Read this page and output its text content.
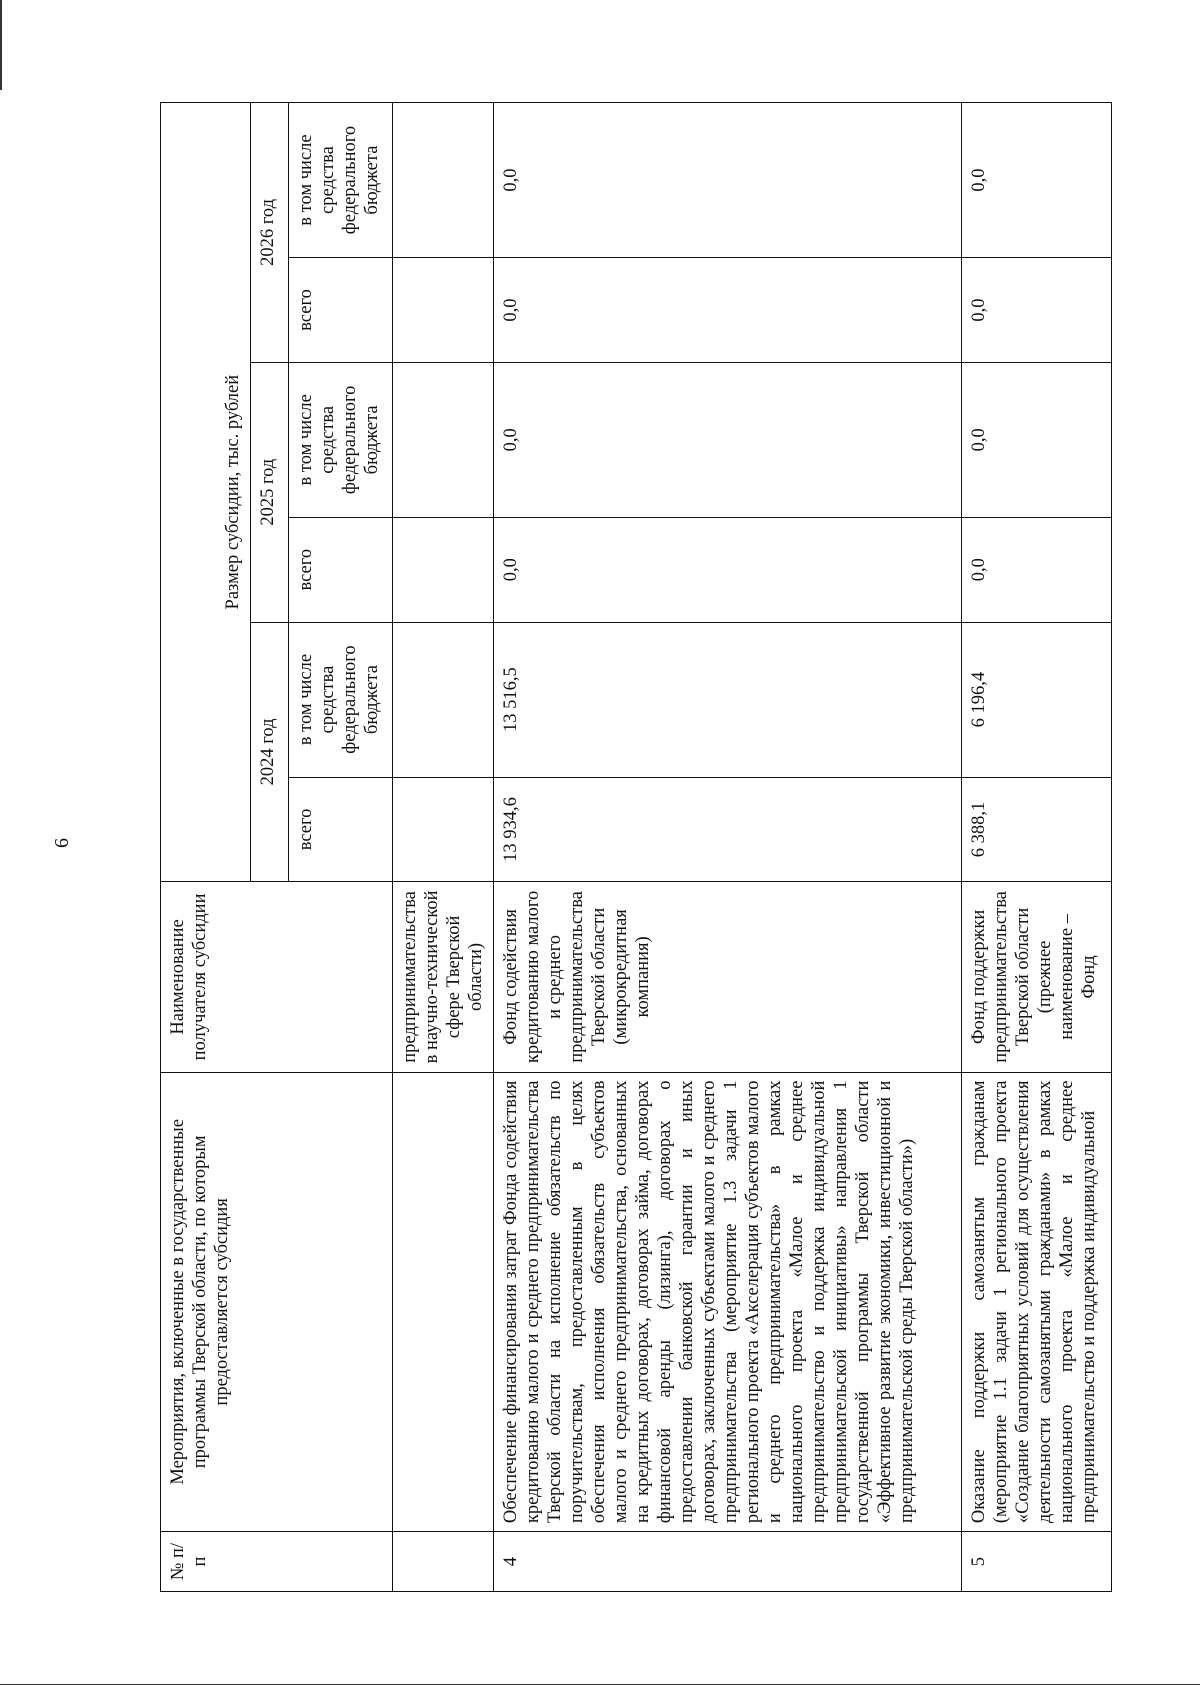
6
№ п/п	Мероприятия, включенные в государственные программы Тверской области, по которым предоставляется субсидия	Наименование получателя субсидии	Размер субсидии, тыс. рублей					
			2024 год		2025 год		2026 год	
			всего	в том числе средства федерального бюджета	всего	в том числе средства федерального бюджета	всего	в том числе средства федерального бюджета
		предпринимательства в научно-технической сфере Тверской области)						
4	Обеспечение финансирования затрат Фонда содействия кредитованию малого и среднего предпринимательства Тверской области на исполнение обязательств по поручительствам, предоставленным в целях обеспечения исполнения обязательств субъектов малого и среднего предпринимательства, основанных на кредитных договорах, договорах займа, договорах финансовой аренды (лизинга), договорах о предоставлении банковской гарантии и иных договорах, заключенных субъектами малого и среднего предпринимательства (мероприятие 1.3 задачи 1 регионального проекта «Акселерация субъектов малого и среднего предпринимательства» в рамках национального проекта «Малое и среднее предпринимательство и поддержка индивидуальной предпринимательской инициативы» направления 1 государственной программы Тверской области «Эффективное развитие экономики, инвестиционной и предпринимательской среды Тверской области»)	Фонд содействия кредитованию малого и среднего предпринимательства Тверской области (микрокредитная компания)	13 934,6	13 516,5	0,0	0,0	0,0	0,0
5	Оказание поддержки самозанятым гражданам (мероприятие 1.1 задачи 1 регионального проекта «Создание благоприятных условий для осуществления деятельности самозанятыми гражданами» в рамках национального проекта «Малое и среднее предпринимательство и поддержка индивидуальной	Фонд поддержки предпринимательства Тверской области (прежнее наименование – Фонд	6 388,1	6 196,4	0,0	0,0	0,0	0,0
